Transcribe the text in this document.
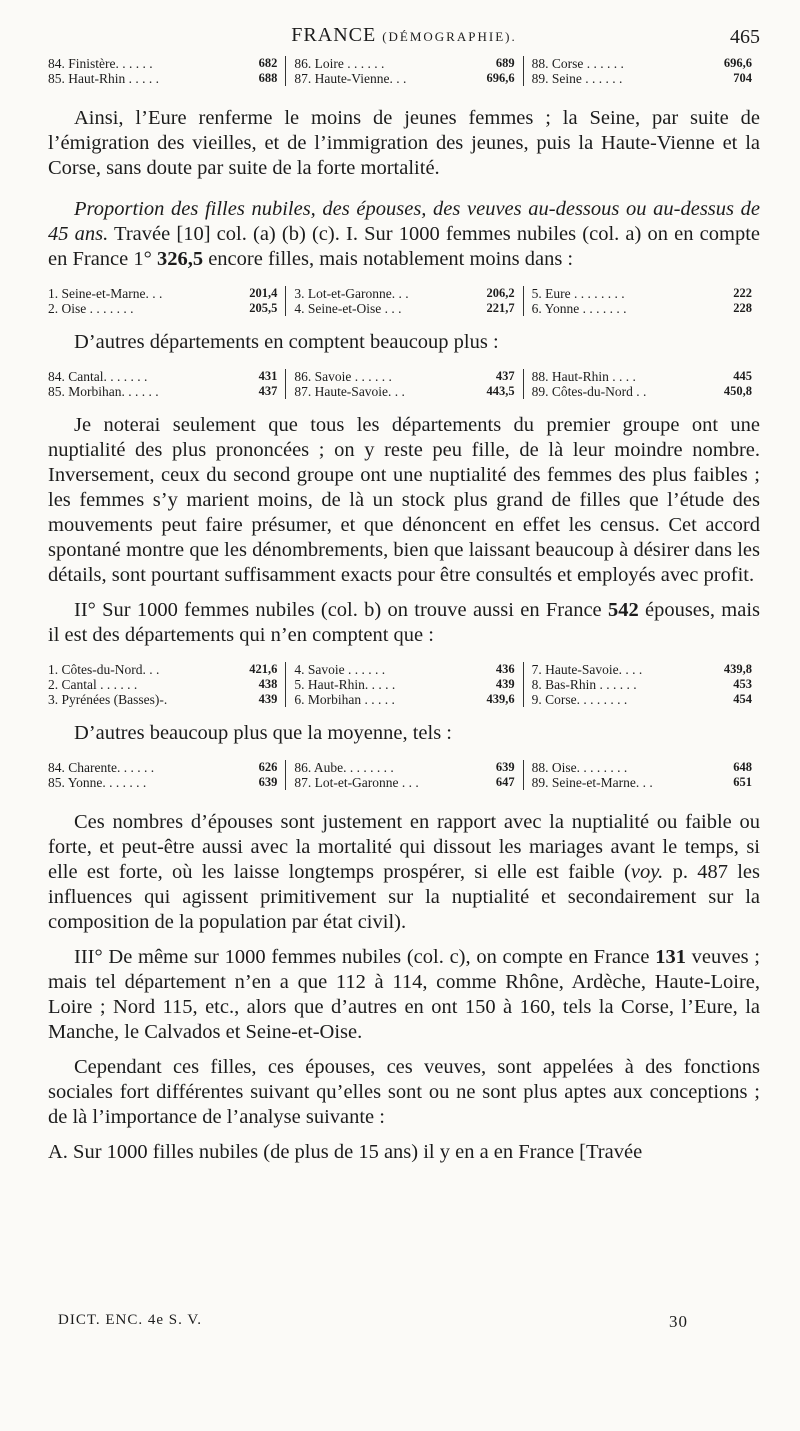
FRANCE (DÉMOGRAPHIE).	465
84. Finistère. . . . . .	682
85. Haut-Rhin . . . . .	688
86. Loire . . . . . .	689
87. Haute-Vienne. . .	696,6
88. Corse . . . . . .	696,6
89. Seine . . . . . .	704

Ainsi, l’Eure renferme le moins de jeunes femmes ; la Seine, par suite de l’émigration des vieilles, et de l’immigration des jeunes, puis la Haute-Vienne et la Corse, sans doute par suite de la forte mortalité.

Proportion des filles nubiles, des épouses, des veuves au-dessous ou au-dessus de 45 ans. Travée [10] col. (a) (b) (c). I. Sur 1000 femmes nubiles (col. a) on en compte en France 1° 326,5 encore filles, mais notablement moins dans :

1. Seine-et-Marne. . .	201,4
2. Oise . . . . . . .	205,5
3. Lot-et-Garonne. . .	206,2
4. Seine-et-Oise . . .	221,7
5. Eure . . . . . . . .	222
6. Yonne . . . . . . .	228

D’autres départements en comptent beaucoup plus :

84. Cantal. . . . . . .	431
85. Morbihan. . . . . .	437
86. Savoie . . . . . .	437
87. Haute-Savoie. . .	443,5
88. Haut-Rhin . . . .	445
89. Côtes-du-Nord . .	450,8

Je noterai seulement que tous les départements du premier groupe ont une nuptialité des plus prononcées ; on y reste peu fille, de là leur moindre nombre. Inversement, ceux du second groupe ont une nuptialité des femmes des plus faibles ; les femmes s’y marient moins, de là un stock plus grand de filles que l’étude des mouvements peut faire présumer, et que dénoncent en effet les census. Cet accord spontané montre que les dénombrements, bien que laissant beaucoup à désirer dans les détails, sont pourtant suffisamment exacts pour être consultés et employés avec profit.

II° Sur 1000 femmes nubiles (col. b) on trouve aussi en France 542 épouses, mais il est des départements qui n’en comptent que :

1. Côtes-du-Nord. . .	421,6
2. Cantal . . . . . .	438
3. Pyrénées (Basses)-.	439
4. Savoie . . . . . .	436
5. Haut-Rhin. . . . .	439
6. Morbihan . . . . .	439,6
7. Haute-Savoie. . . .	439,8
8. Bas-Rhin . . . . . .	453
9. Corse. . . . . . . .	454

D’autres beaucoup plus que la moyenne, tels :

84. Charente. . . . . .	626
85. Yonne. . . . . . .	639
86. Aube. . . . . . . .	639
87. Lot-et-Garonne . . .	647
88. Oise. . . . . . . .	648
89. Seine-et-Marne. . .	651

Ces nombres d’épouses sont justement en rapport avec la nuptialité ou faible ou forte, et peut-être aussi avec la mortalité qui dissout les mariages avant le temps, si elle est forte, où les laisse longtemps prospérer, si elle est faible (voy. p. 487 les influences qui agissent primitivement sur la nuptialité et secondairement sur la composition de la population par état civil).

III° De même sur 1000 femmes nubiles (col. c), on compte en France 131 veuves ; mais tel département n’en a que 112 à 114, comme Rhône, Ardèche, Haute-Loire, Loire ; Nord 115, etc., alors que d’autres en ont 150 à 160, tels la Corse, l’Eure, la Manche, le Calvados et Seine-et-Oise.

Cependant ces filles, ces épouses, ces veuves, sont appelées à des fonctions sociales fort différentes suivant qu’elles sont ou ne sont plus aptes aux conceptions ; de là l’importance de l’analyse suivante :

A. Sur 1000 filles nubiles (de plus de 15 ans) il y en a en France [Travée

DICT. ENC. 4e S. V.	30
